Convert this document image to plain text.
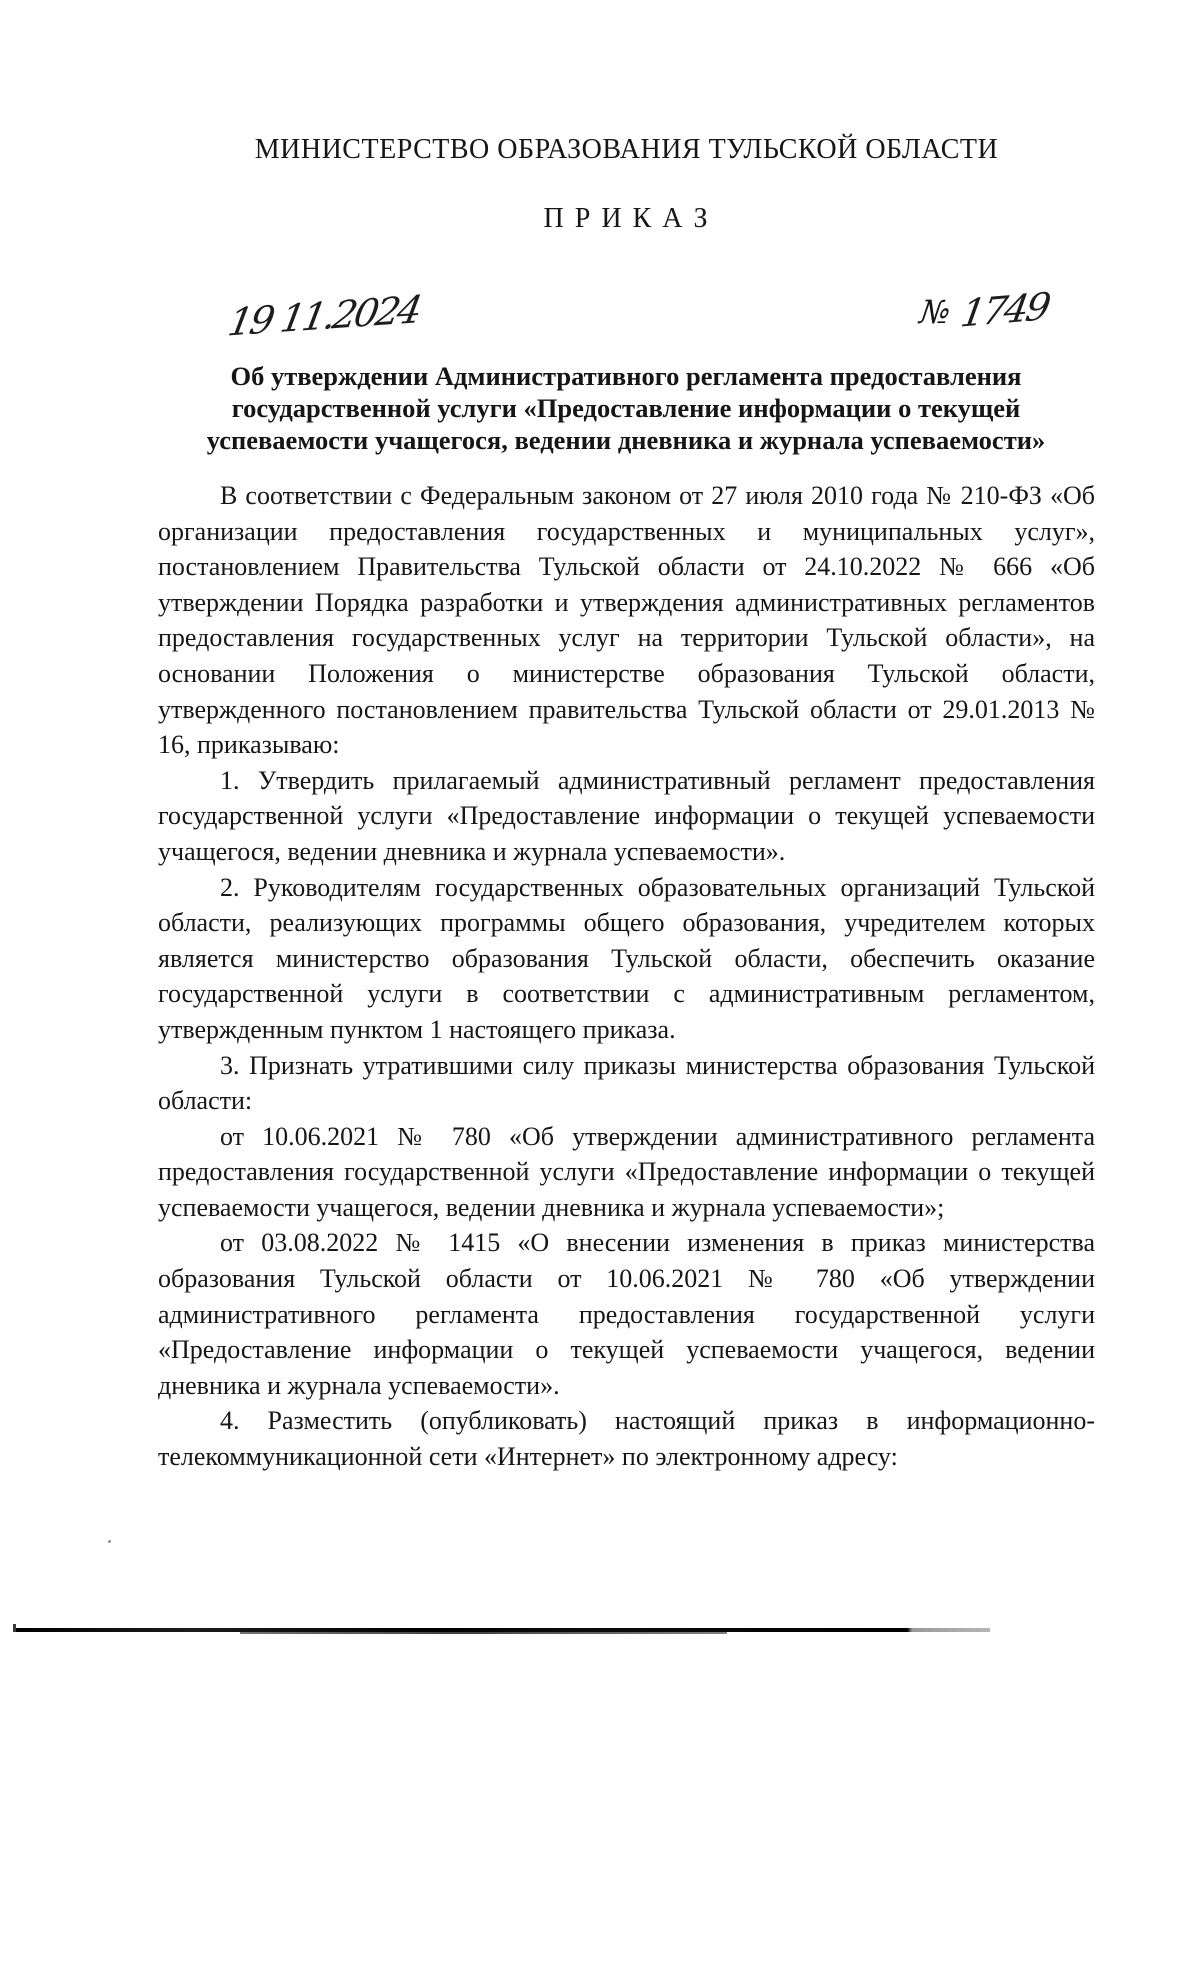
МИНИСТЕРСТВО ОБРАЗОВАНИЯ ТУЛЬСКОЙ ОБЛАСТИ
П Р И К А З
19 11.2024	№ 1749
Об утверждении Административного регламента предоставления государственной услуги «Предоставление информации о текущей успеваемости учащегося, ведении дневника и журнала успеваемости»

В соответствии с Федеральным законом от 27 июля 2010 года № 210-ФЗ «Об организации предоставления государственных и муниципальных услуг», постановлением Правительства Тульской области от 24.10.2022 № 666 «Об утверждении Порядка разработки и утверждения административных регламентов предоставления государственных услуг на территории Тульской области», на основании Положения о министерстве образования Тульской области, утвержденного постановлением правительства Тульской области от 29.01.2013 № 16, приказываю:

1. Утвердить прилагаемый административный регламент предоставления государственной услуги «Предоставление информации о текущей успеваемости учащегося, ведении дневника и журнала успеваемости».

2. Руководителям государственных образовательных организаций Тульской области, реализующих программы общего образования, учредителем которых является министерство образования Тульской области, обеспечить оказание государственной услуги в соответствии с административным регламентом, утвержденным пунктом 1 настоящего приказа.

3. Признать утратившими силу приказы министерства образования Тульской области:

от 10.06.2021 № 780 «Об утверждении административного регламента предоставления государственной услуги «Предоставление информации о текущей успеваемости учащегося, ведении дневника и журнала успеваемости»;

от 03.08.2022 № 1415 «О внесении изменения в приказ министерства образования Тульской области от 10.06.2021 № 780 «Об утверждении административного регламента предоставления государственной услуги «Предоставление информации о текущей успеваемости учащегося, ведении дневника и журнала успеваемости».

4. Разместить (опубликовать) настоящий приказ в информационно-телекоммуникационной сети «Интернет» по электронному адресу:
